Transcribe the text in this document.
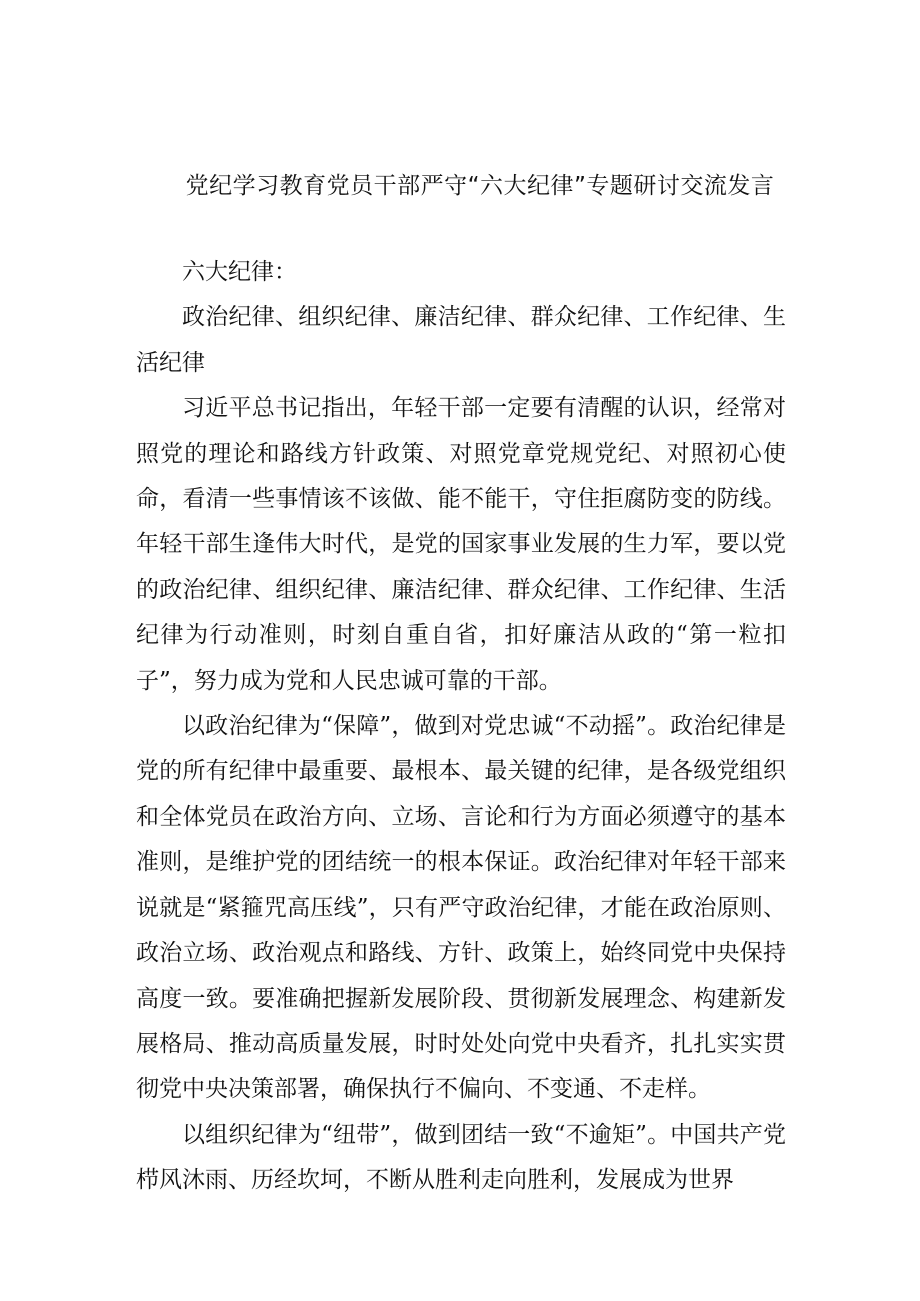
党纪学习教育党员干部严守“六大纪律”专题研讨交流发言

六大纪律：

政治纪律、组织纪律、廉洁纪律、群众纪律、工作纪律、生活纪律

习近平总书记指出，年轻干部一定要有清醒的认识，经常对照党的理论和路线方针政策、对照党章党规党纪、对照初心使命，看清一些事情该不该做、能不能干，守住拒腐防变的防线。年轻干部生逢伟大时代，是党的国家事业发展的生力军，要以党的政治纪律、组织纪律、廉洁纪律、群众纪律、工作纪律、生活纪律为行动准则，时刻自重自省，扣好廉洁从政的“第一粒扣子”，努力成为党和人民忠诚可靠的干部。

以政治纪律为“保障”，做到对党忠诚“不动摇”。政治纪律是党的所有纪律中最重要、最根本、最关键的纪律，是各级党组织和全体党员在政治方向、立场、言论和行为方面必须遵守的基本准则，是维护党的团结统一的根本保证。政治纪律对年轻干部来说就是“紧箍咒高压线”，只有严守政治纪律，才能在政治原则、政治立场、政治观点和路线、方针、政策上，始终同党中央保持高度一致。要准确把握新发展阶段、贯彻新发展理念、构建新发展格局、推动高质量发展，时时处处向党中央看齐，扎扎实实贯彻党中央决策部署，确保执行不偏向、不变通、不走样。

以组织纪律为“纽带”，做到团结一致“不逾矩”。中国共产党栉风沐雨、历经坎坷，不断从胜利走向胜利，发展成为世界
